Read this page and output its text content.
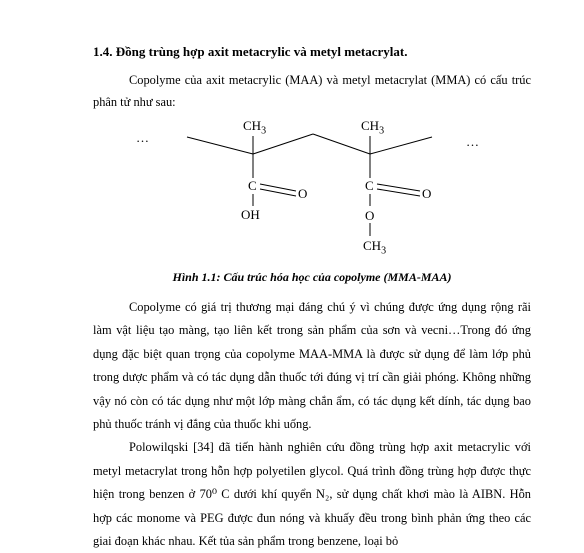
1.4. Đồng trùng hợp axit metacrylic và metyl metacrylat.
Copolyme của axit metacrylic (MAA) và metyl metacrylat (MMA) có cấu trúc phân tử như sau:
…	…
$CH_3$	$CH_3$
C
O
OH
C
O
O
$CH_3$
Hình 1.1: Cấu trúc hóa học của copolyme (MMA-MAA)

Copolyme có giá trị thương mại đáng chú ý vì chúng được ứng dụng rộng rãi làm vật liệu tạo màng, tạo liên kết trong sản phẩm của sơn và vecni…Trong đó ứng dụng đặc biệt quan trọng của copolyme MAA-MMA là được sử dụng để làm lớp phủ trong dược phẩm và có tác dụng dẫn thuốc tới đúng vị trí cần giải phóng. Không những vậy nó còn có tác dụng như một lớp màng chắn ẩm, có tác dụng kết dính, tác dụng bao phủ thuốc tránh vị đắng của thuốc khi uống.

Polowilqski [34] đã tiến hành nghiên cứu đồng trùng hợp axit metacrylic với metyl metacrylat trong hỗn hợp polyetilen glycol. Quá trình đồng trùng hợp được thực hiện trong benzen ở 70⁰ C dưới khí quyển N₂, sử dụng chất khơi mào là AIBN. Hỗn hợp các monome và PEG được đun nóng và khuấy đều trong bình phản ứng theo các giai đoạn khác nhau. Kết tủa sản phẩm trong benzene, loại bỏ
